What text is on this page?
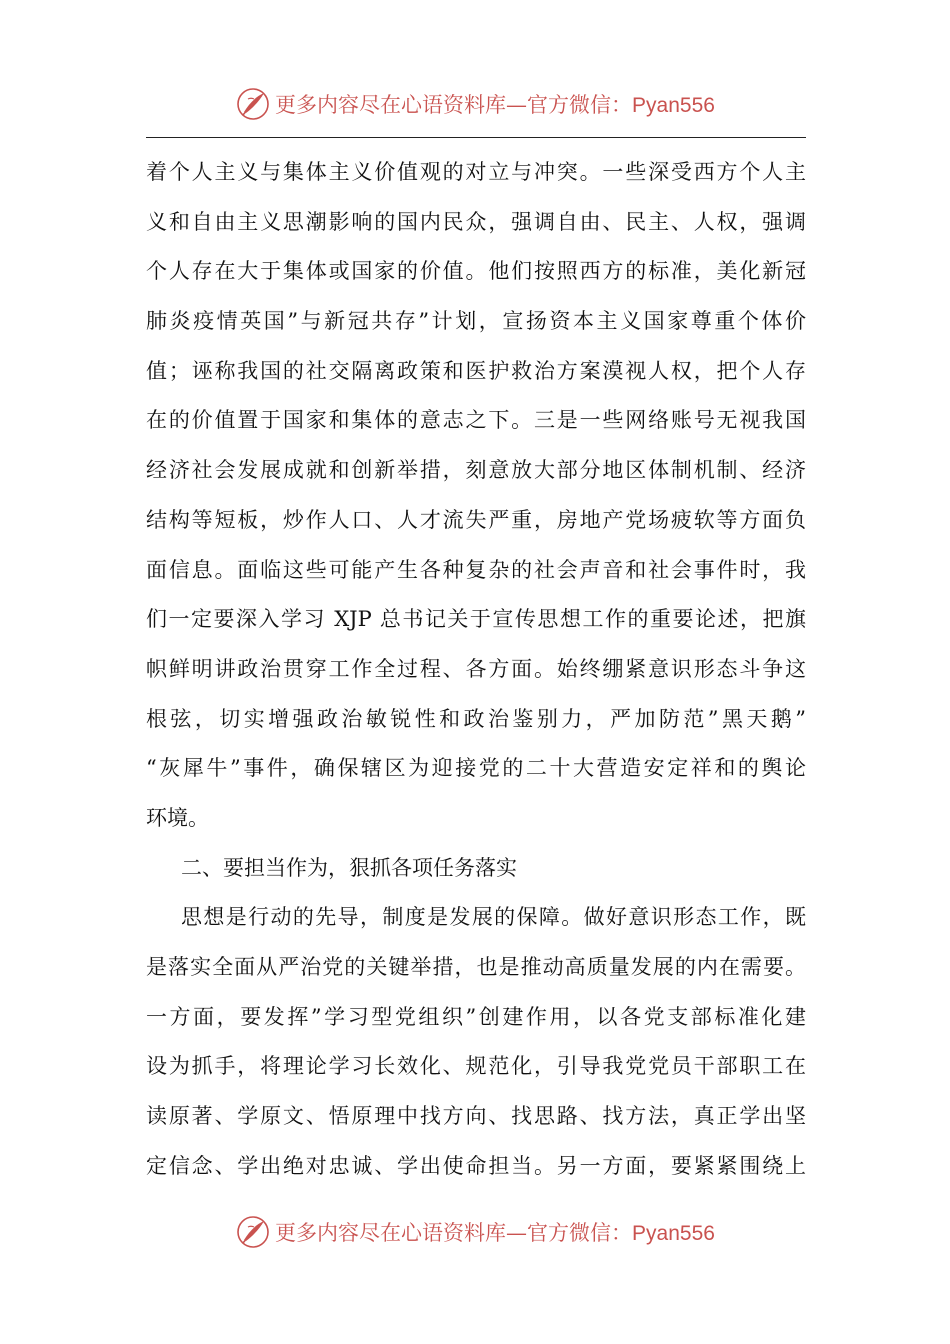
更多内容尽在心语资料库—官方微信：Pyan556
着个人主义与集体主义价值观的对立与冲突。一些深受西方个人主
义和自由主义思潮影响的国内民众，强调自由、民主、人权，强调
个人存在大于集体或国家的价值。他们按照西方的标准，美化新冠
肺炎疫情英国”与新冠共存”计划，宣扬资本主义国家尊重个体价
值；诬称我国的社交隔离政策和医护救治方案漠视人权，把个人存
在的价值置于国家和集体的意志之下。三是一些网络账号无视我国
经济社会发展成就和创新举措，刻意放大部分地区体制机制、经济
结构等短板，炒作人口、人才流失严重，房地产党场疲软等方面负
面信息。面临这些可能产生各种复杂的社会声音和社会事件时，我
们一定要深入学习 XJP 总书记关于宣传思想工作的重要论述，把旗
帜鲜明讲政治贯穿工作全过程、各方面。始终绷紧意识形态斗争这
根弦，切实增强政治敏锐性和政治鉴别力，严加防范”黑天鹅”
“灰犀牛”事件，确保辖区为迎接党的二十大营造安定祥和的舆论
环境。
二、要担当作为，狠抓各项任务落实
思想是行动的先导，制度是发展的保障。做好意识形态工作，既
是落实全面从严治党的关键举措，也是推动高质量发展的内在需要。
一方面，要发挥”学习型党组织”创建作用，以各党支部标准化建
设为抓手，将理论学习长效化、规范化，引导我党党员干部职工在
读原著、学原文、悟原理中找方向、找思路、找方法，真正学出坚
定信念、学出绝对忠诚、学出使命担当。另一方面，要紧紧围绕上
更多内容尽在心语资料库—官方微信：Pyan556
